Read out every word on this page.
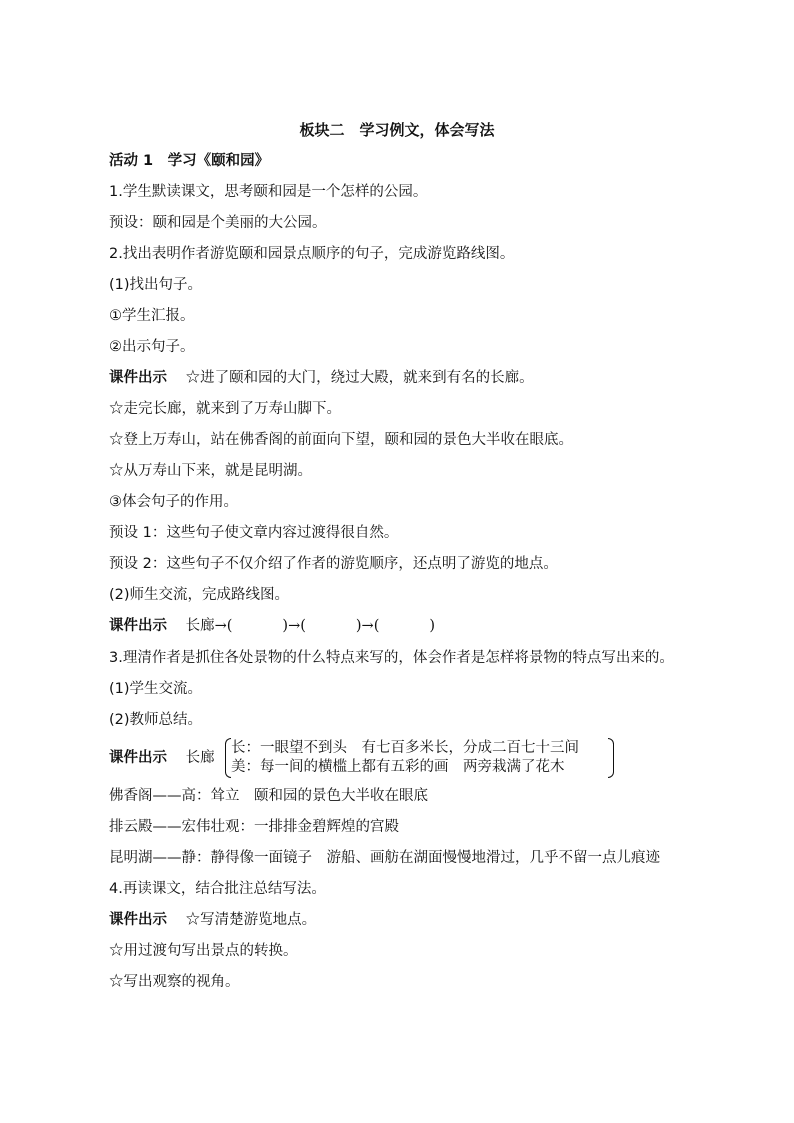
板块二　学习例文，体会写法
活动 1　学习《颐和园》
1.学生默读课文，思考颐和园是一个怎样的公园。
预设：颐和园是个美丽的大公园。
2.找出表明作者游览颐和园景点顺序的句子，完成游览路线图。
(1)找出句子。
①学生汇报。
②出示句子。
课件出示 ☆进了颐和园的大门，绕过大殿，就来到有名的长廊。
☆走完长廊，就来到了万寿山脚下。
☆登上万寿山，站在佛香阁的前面向下望，颐和园的景色大半收在眼底。
☆从万寿山下来，就是昆明湖。
③体会句子的作用。
预设 1：这些句子使文章内容过渡得很自然。
预设 2：这些句子不仅介绍了作者的游览顺序，还点明了游览的地点。
(2)师生交流，完成路线图。
课件出示 长廊→(	)→(	)→(	)
3.理清作者是抓住各处景物的什么特点来写的，体会作者是怎样将景物的特点写出来的。
(1)学生交流。
(2)教师总结。
课件出示 长廊
长：一眼望不到头　有七百多米长，分成二百七十三间
美：每一间的横槛上都有五彩的画　两旁栽满了花木
佛香阁——高：耸立　颐和园的景色大半收在眼底
排云殿——宏伟壮观：一排排金碧辉煌的宫殿
昆明湖——静：静得像一面镜子　游船、画舫在湖面慢慢地滑过，几乎不留一点儿痕迹
4.再读课文，结合批注总结写法。
课件出示 ☆写清楚游览地点。
☆用过渡句写出景点的转换。
☆写出观察的视角。
